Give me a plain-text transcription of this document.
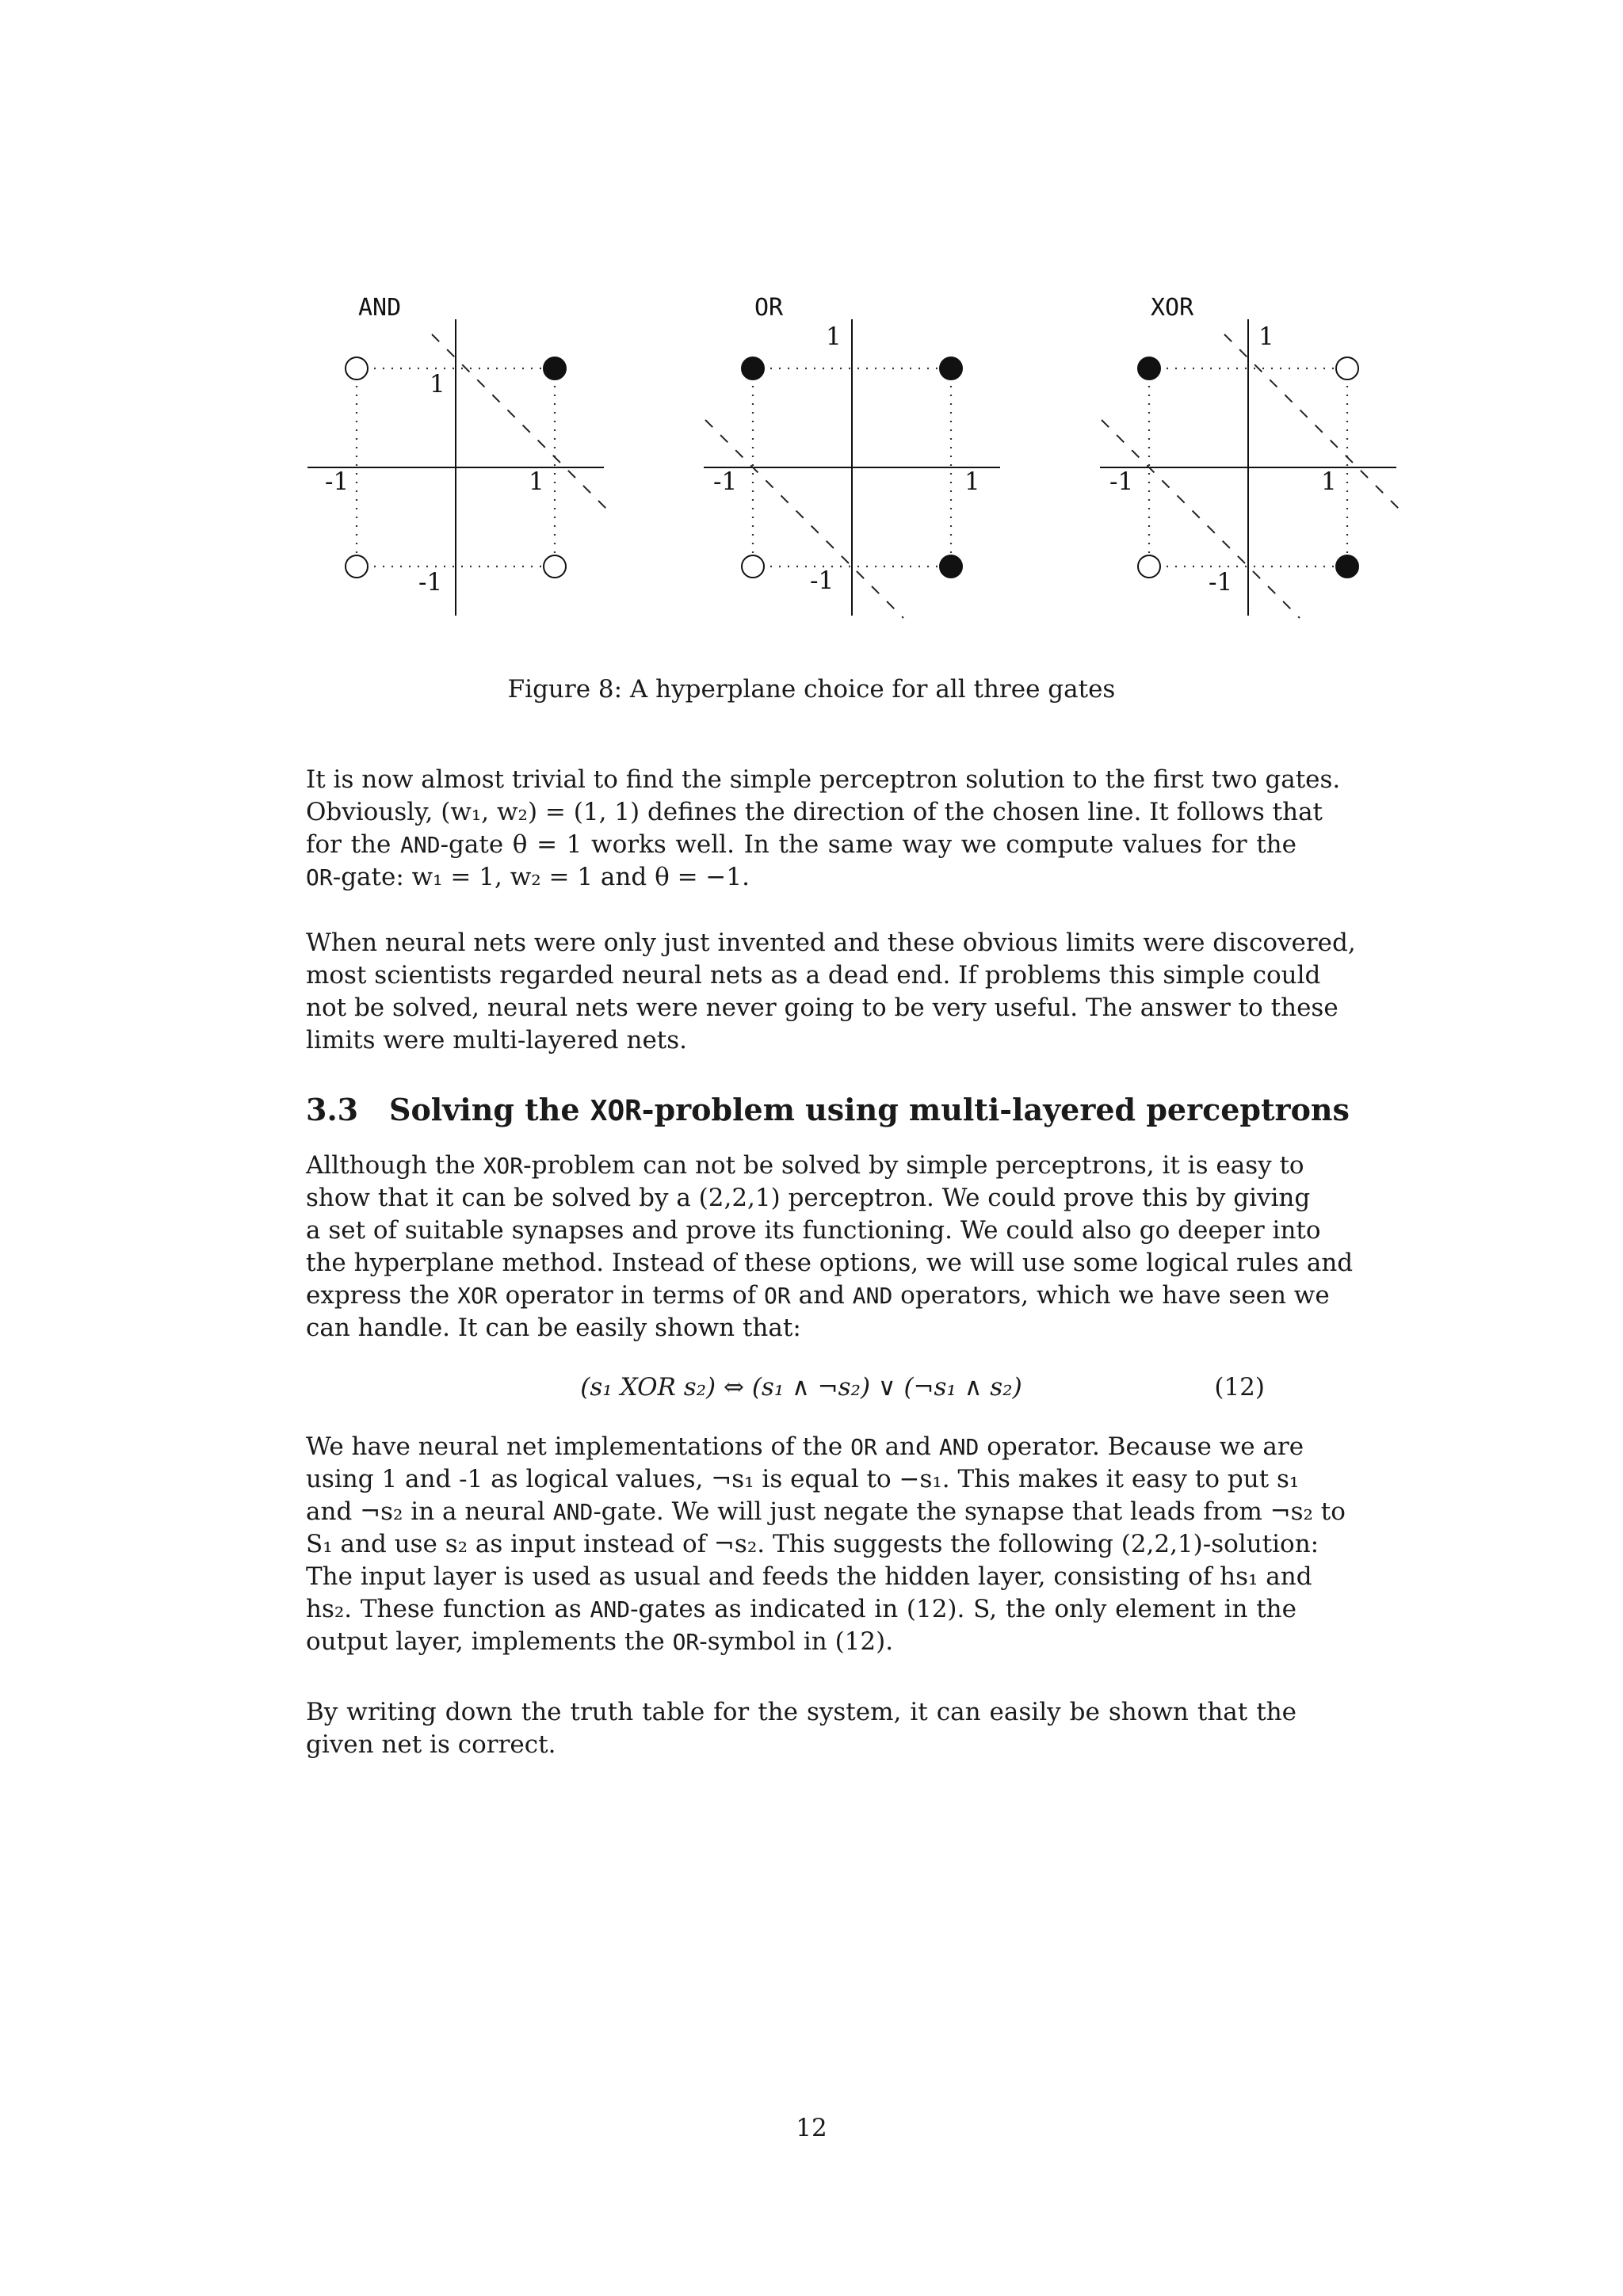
AND
-1	1
1
-1
OR
-1	1
1
-1
XOR
-1	1
1
-1
Figure 8: A hyperplane choice for all three gates
It is now almost trivial to find the simple perceptron solution to the first two gates.
Obviously, (w₁, w₂) = (1, 1) defines the direction of the chosen line. It follows that
for the AND-gate θ = 1 works well. In the same way we compute values for the
OR-gate: w₁ = 1, w₂ = 1 and θ = −1.
When neural nets were only just invented and these obvious limits were discovered,
most scientists regarded neural nets as a dead end. If problems this simple could
not be solved, neural nets were never going to be very useful. The answer to these
limits were multi-layered nets.
3.3 Solving the XOR-problem using multi-layered perceptrons
Allthough the XOR-problem can not be solved by simple perceptrons, it is easy to
show that it can be solved by a (2,2,1) perceptron. We could prove this by giving
a set of suitable synapses and prove its functioning. We could also go deeper into
the hyperplane method. Instead of these options, we will use some logical rules and
express the XOR operator in terms of OR and AND operators, which we have seen we
can handle. It can be easily shown that:
(s₁ XOR s₂) ⇔ (s₁ ∧ ¬s₂) ∨ (¬s₁ ∧ s₂)	(12)
We have neural net implementations of the OR and AND operator. Because we are
using 1 and -1 as logical values, ¬s₁ is equal to −s₁. This makes it easy to put s₁
and ¬s₂ in a neural AND-gate. We will just negate the synapse that leads from ¬s₂ to
S₁ and use s₂ as input instead of ¬s₂. This suggests the following (2,2,1)-solution:
The input layer is used as usual and feeds the hidden layer, consisting of hs₁ and
hs₂. These function as AND-gates as indicated in (12). S, the only element in the
output layer, implements the OR-symbol in (12).
By writing down the truth table for the system, it can easily be shown that the
given net is correct.
12
